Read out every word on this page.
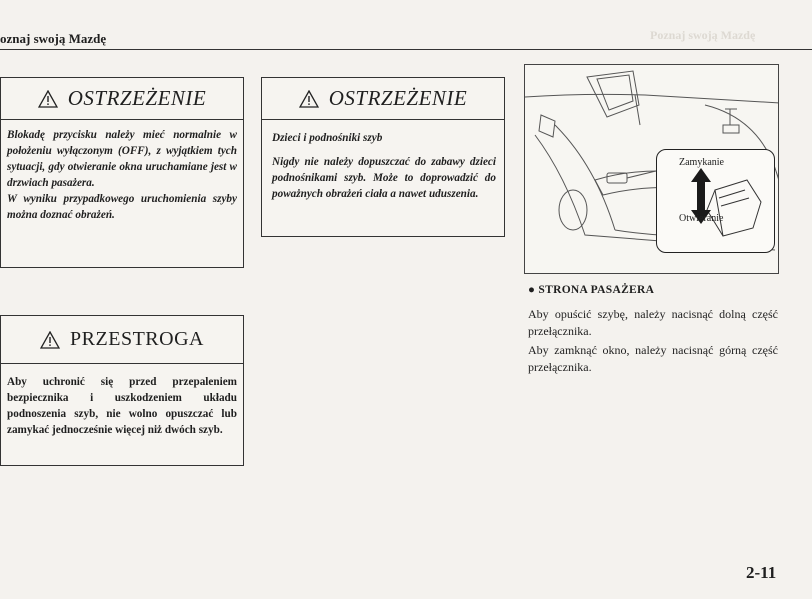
oznaj swoją Mazdę	Poznaj swoją Mazdę
OSTRZEŻENIE

Blokadę przycisku należy mieć normalnie w położeniu wyłączonym (OFF), z wyjątkiem tych sytuacji, gdy otwieranie okna uruchamiane jest w drzwiach pasażera.

W wyniku przypadkowego uruchomienia szyby można doznać obrażeń.

OSTRZEŻENIE

Dzieci i podnośniki szyb

Nigdy nie należy dopuszczać do zabawy dzieci podnośnikami szyb. Może to doprowadzić do poważnych obrażeń ciała a nawet uduszenia.

PRZESTROGA

Aby uchronić się przed przepaleniem bezpiecznika i uszkodzeniem układu podnoszenia szyb, nie wolno opuszczać lub zamykać jednocześnie więcej niż dwóch szyb.

Zamykanie
Otwieranie
● STRONA PASAŻERA
Aby opuścić szybę, należy nacisnąć dolną część przełącznika.
Aby zamknąć okno, należy nacisnąć górną część przełącznika.
2-11
